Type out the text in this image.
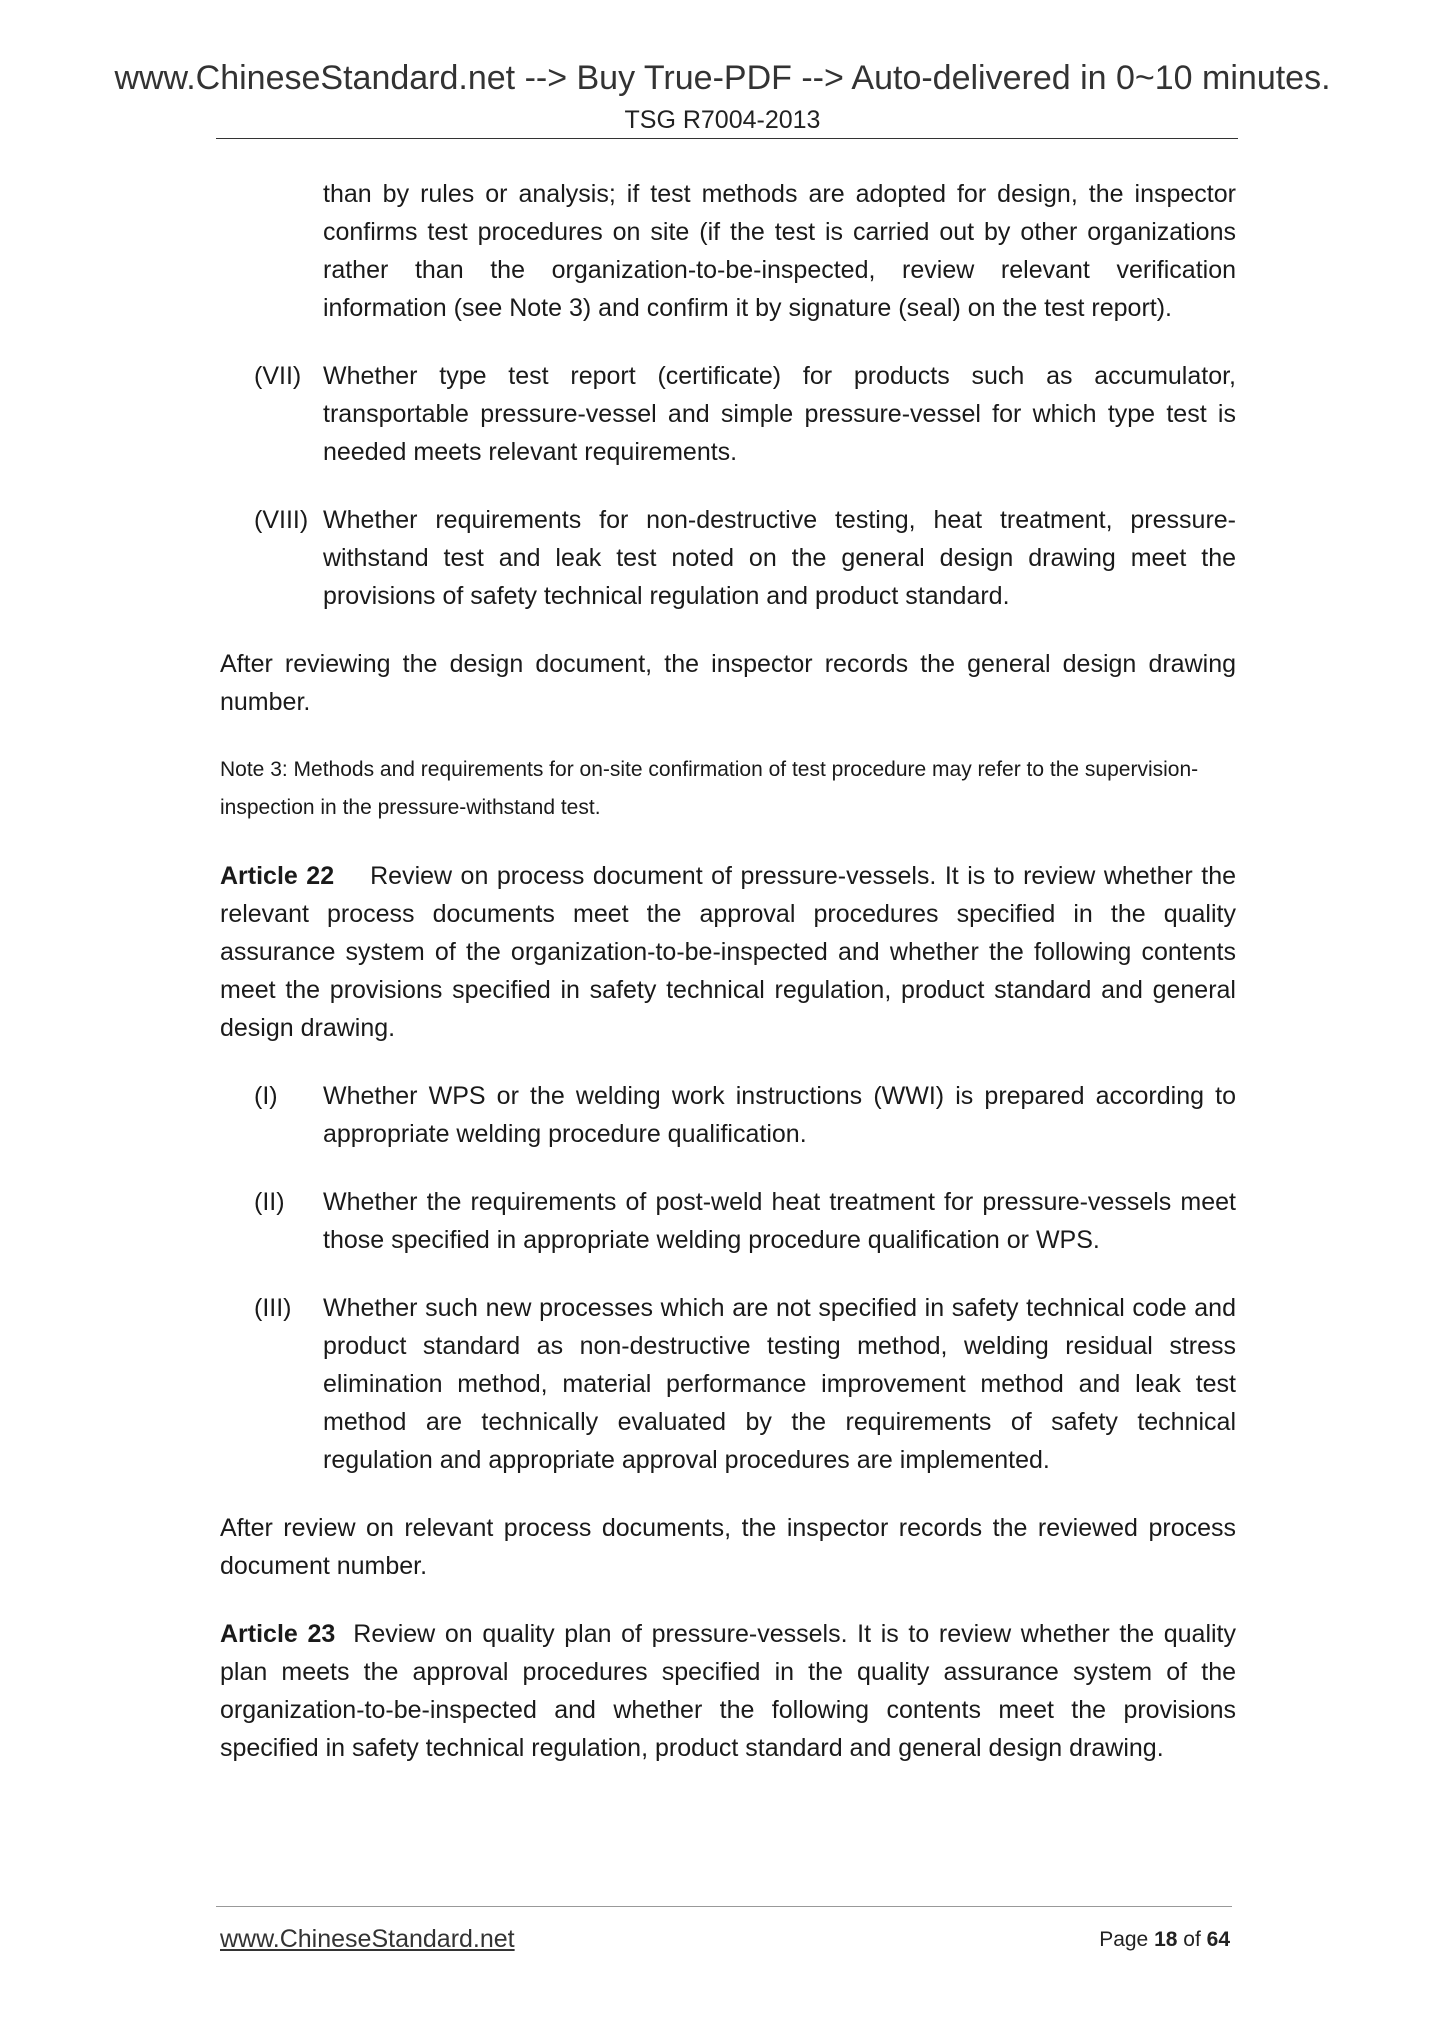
www.ChineseStandard.net --> Buy True-PDF --> Auto-delivered in 0~10 minutes.
TSG R7004-2013

than by rules or analysis; if test methods are adopted for design, the inspector confirms test procedures on site (if the test is carried out by other organizations rather than the organization-to-be-inspected, review relevant verification information (see Note 3) and confirm it by signature (seal) on the test report).

(VII) Whether type test report (certificate) for products such as accumulator, transportable pressure-vessel and simple pressure-vessel for which type test is needed meets relevant requirements.
(VIII) Whether requirements for non-destructive testing, heat treatment, pressure-withstand test and leak test noted on the general design drawing meet the provisions of safety technical regulation and product standard.

After reviewing the design document, the inspector records the general design drawing number.

Note 3: Methods and requirements for on-site confirmation of test procedure may refer to the supervision-inspection in the pressure-withstand test.

Article 22 Review on process document of pressure-vessels. It is to review whether the relevant process documents meet the approval procedures specified in the quality assurance system of the organization-to-be-inspected and whether the following contents meet the provisions specified in safety technical regulation, product standard and general design drawing.

(I)	Whether WPS or the welding work instructions (WWI) is prepared according to appropriate welding procedure qualification.
(II)	Whether the requirements of post-weld heat treatment for pressure-vessels meet those specified in appropriate welding procedure qualification or WPS.
(III)	Whether such new processes which are not specified in safety technical code and product standard as non-destructive testing method, welding residual stress elimination method, material performance improvement method and leak test method are technically evaluated by the requirements of safety technical regulation and appropriate approval procedures are implemented.

After review on relevant process documents, the inspector records the reviewed process document number.

Article 23 Review on quality plan of pressure-vessels. It is to review whether the quality plan meets the approval procedures specified in the quality assurance system of the organization-to-be-inspected and whether the following contents meet the provisions specified in safety technical regulation, product standard and general design drawing.

www.ChineseStandard.net	Page 18 of 64
